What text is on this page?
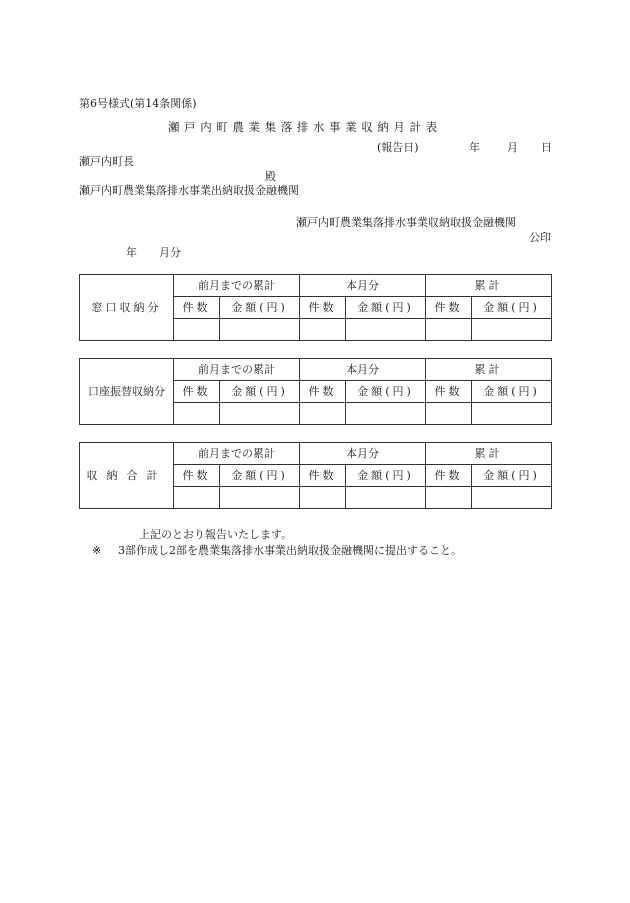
第6号様式(第14条関係)
瀬戸内町農業集落排水事業収納月計表
(報告日)	年 月 日
瀬戸内町長
殿
瀬戸内町農業集落排水事業出納取扱金融機関
瀬戸内町農業集落排水事業収納取扱金融機関
公印
年 月分
窓口収納分	前月までの累計		本月分		累計	
	件数	金額(円)	件数	金額(円)	件数	金額(円)

口座振替収納分	前月までの累計		本月分		累計	
	件数	金額(円)	件数	金額(円)	件数	金額(円)

収納合計	前月までの累計		本月分		累計	
	件数	金額(円)	件数	金額(円)	件数	金額(円)

上記のとおり報告いたします。
※ 3部作成し2部を農業集落排水事業出納取扱金融機関に提出すること。
